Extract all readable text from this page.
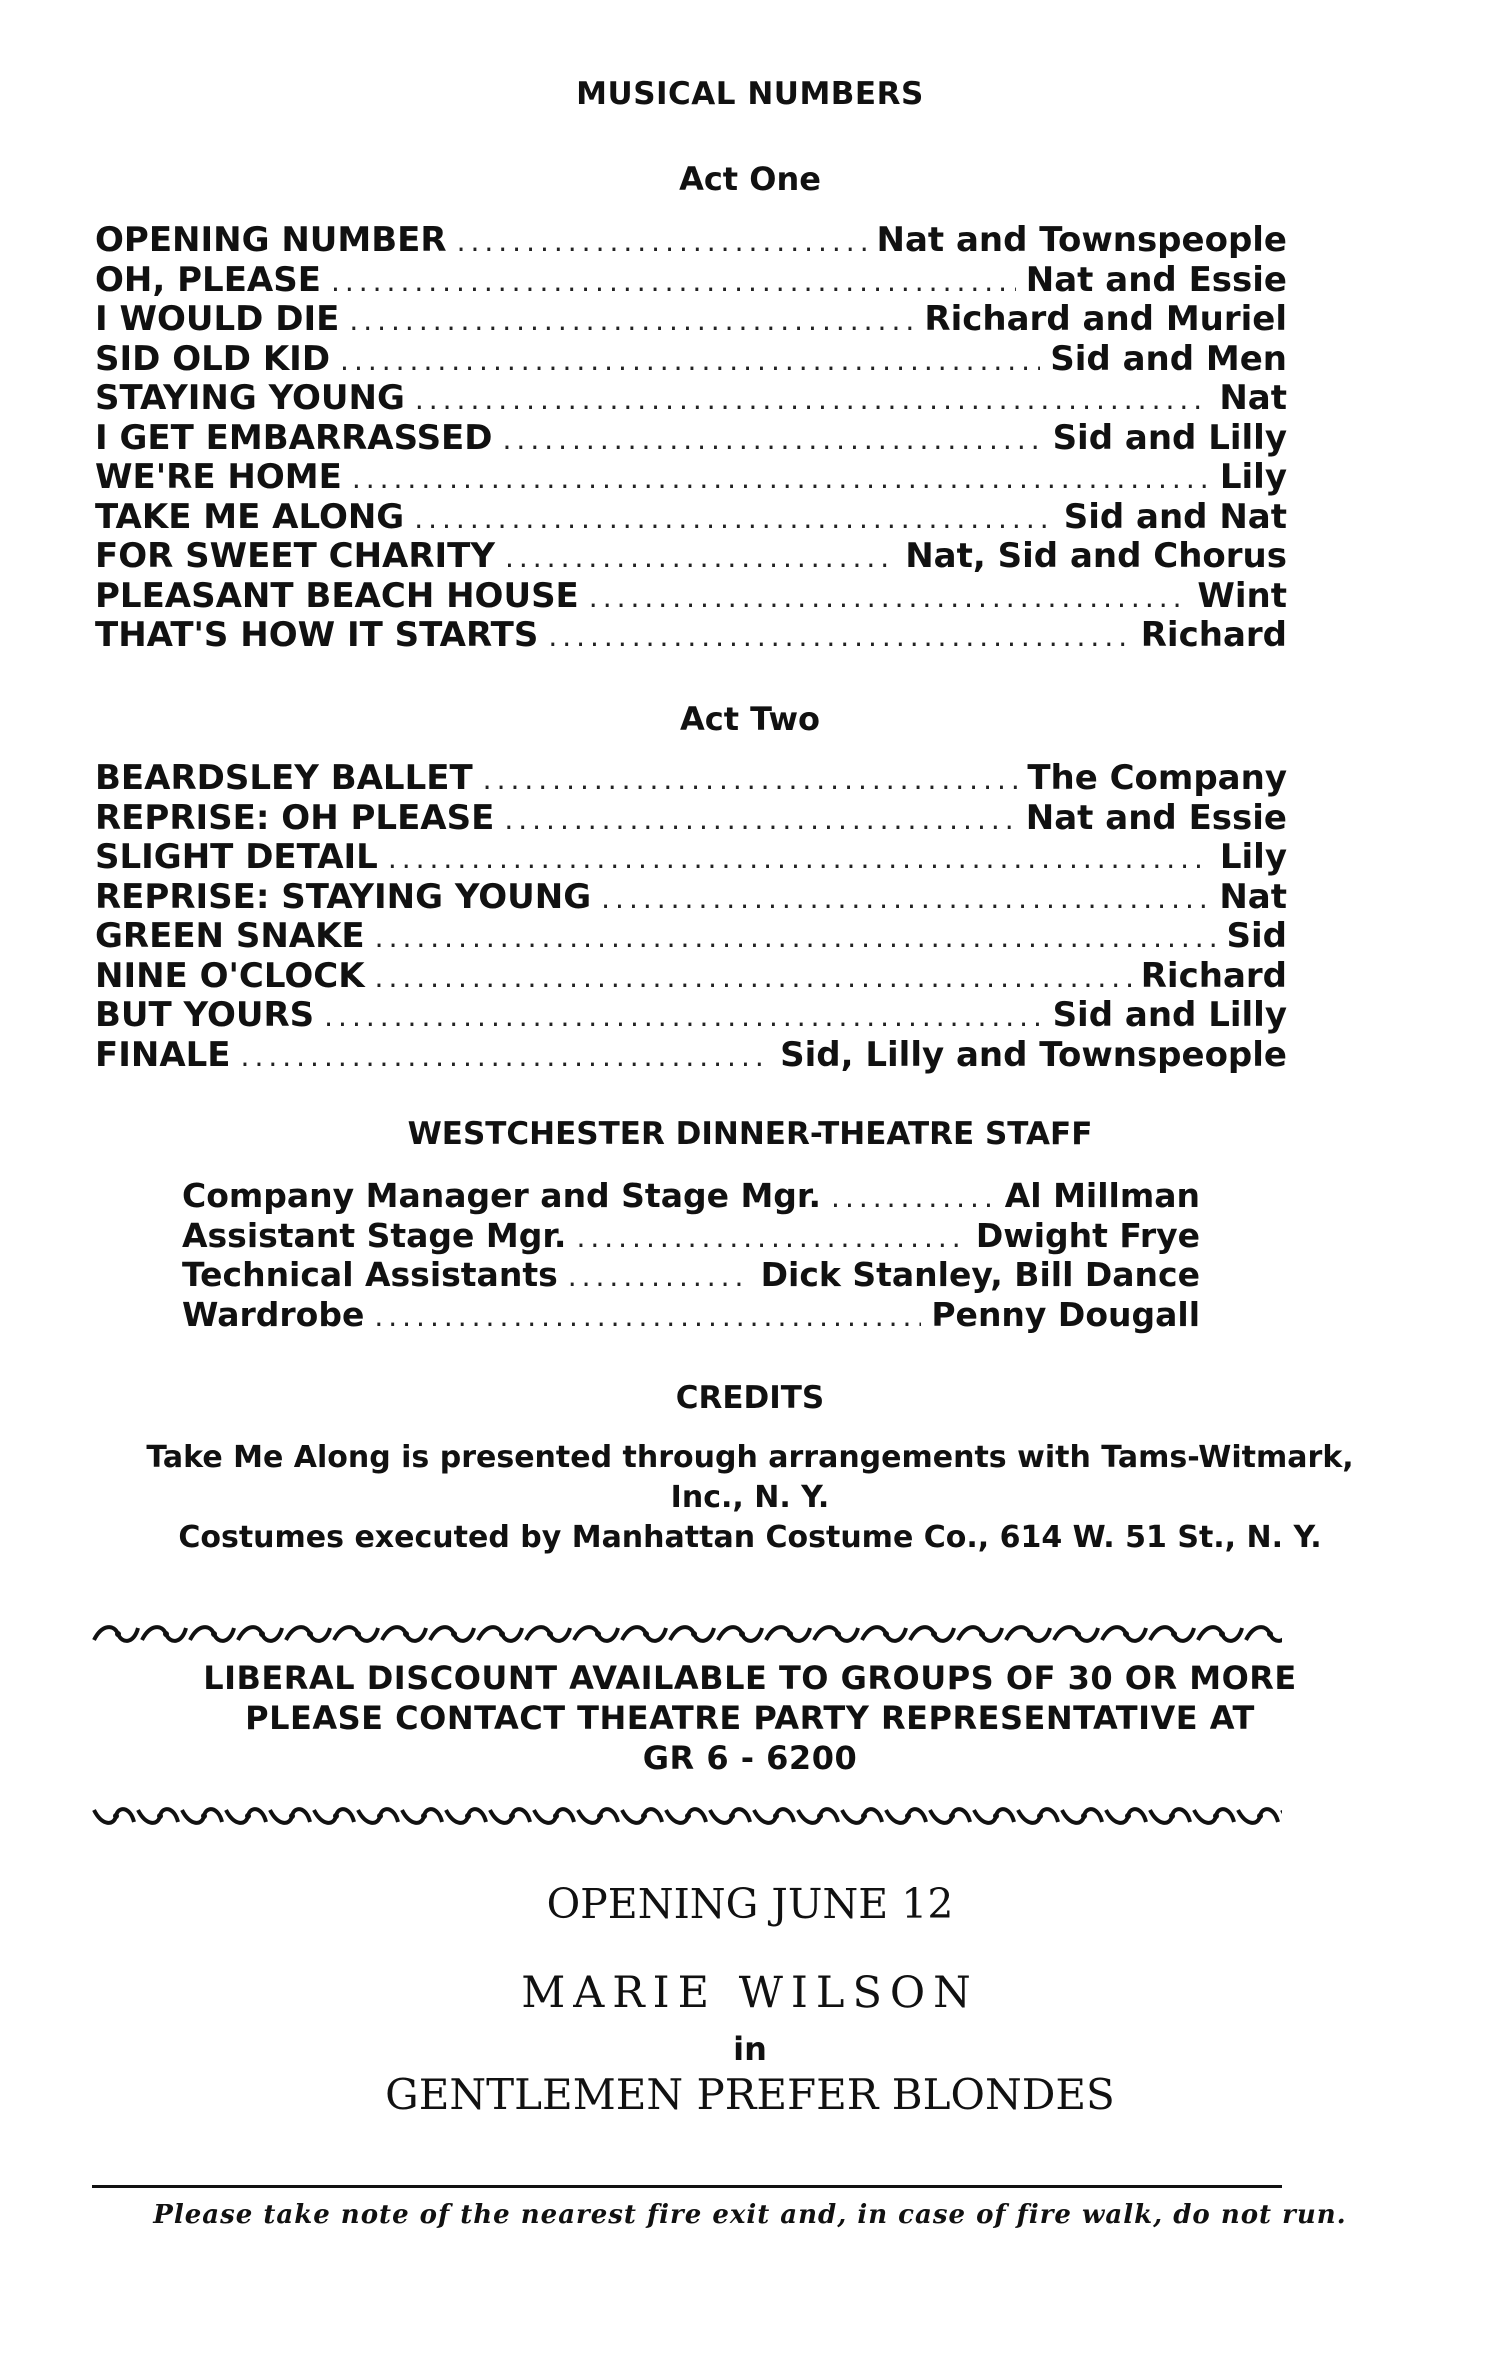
MUSICAL NUMBERS
Act One
OPENING NUMBER .....	Nat and Townspeople
OH, PLEASE .....	Nat and Essie
I WOULD DIE .....	Richard and Muriel
SID OLD KID .....	Sid and Men
STAYING YOUNG .....	Nat
I GET EMBARRASSED .....	Sid and Lilly
WE'RE HOME .....	Lily
TAKE ME ALONG .....	Sid and Nat
FOR SWEET CHARITY .....	Nat, Sid and Chorus
PLEASANT BEACH HOUSE .....	Wint
THAT'S HOW IT STARTS .....	Richard
Act Two
BEARDSLEY BALLET .....	The Company
REPRISE: OH PLEASE .....	Nat and Essie
SLIGHT DETAIL .....	Lily
REPRISE: STAYING YOUNG .....	Nat
GREEN SNAKE .....	Sid
NINE O'CLOCK .....	Richard
BUT YOURS .....	Sid and Lilly
FINALE .....	Sid, Lilly and Townspeople
WESTCHESTER DINNER-THEATRE STAFF
Company Manager and Stage Mgr. .....	Al Millman
Assistant Stage Mgr. .....	Dwight Frye
Technical Assistants .....	Dick Stanley, Bill Dance
Wardrobe .....	Penny Dougall
CREDITS

Take Me Along is presented through arrangements with Tams-Witmark,

Inc., N. Y.

Costumes executed by Manhattan Costume Co., 614 W. 51 St., N. Y.

LIBERAL DISCOUNT AVAILABLE TO GROUPS OF 30 OR MORE

PLEASE CONTACT THEATRE PARTY REPRESENTATIVE AT

GR 6 - 6200

OPENING JUNE 12

MARIE WILSON

in

GENTLEMEN PREFER BLONDES

Please take note of the nearest fire exit and, in case of fire walk, do not run.
